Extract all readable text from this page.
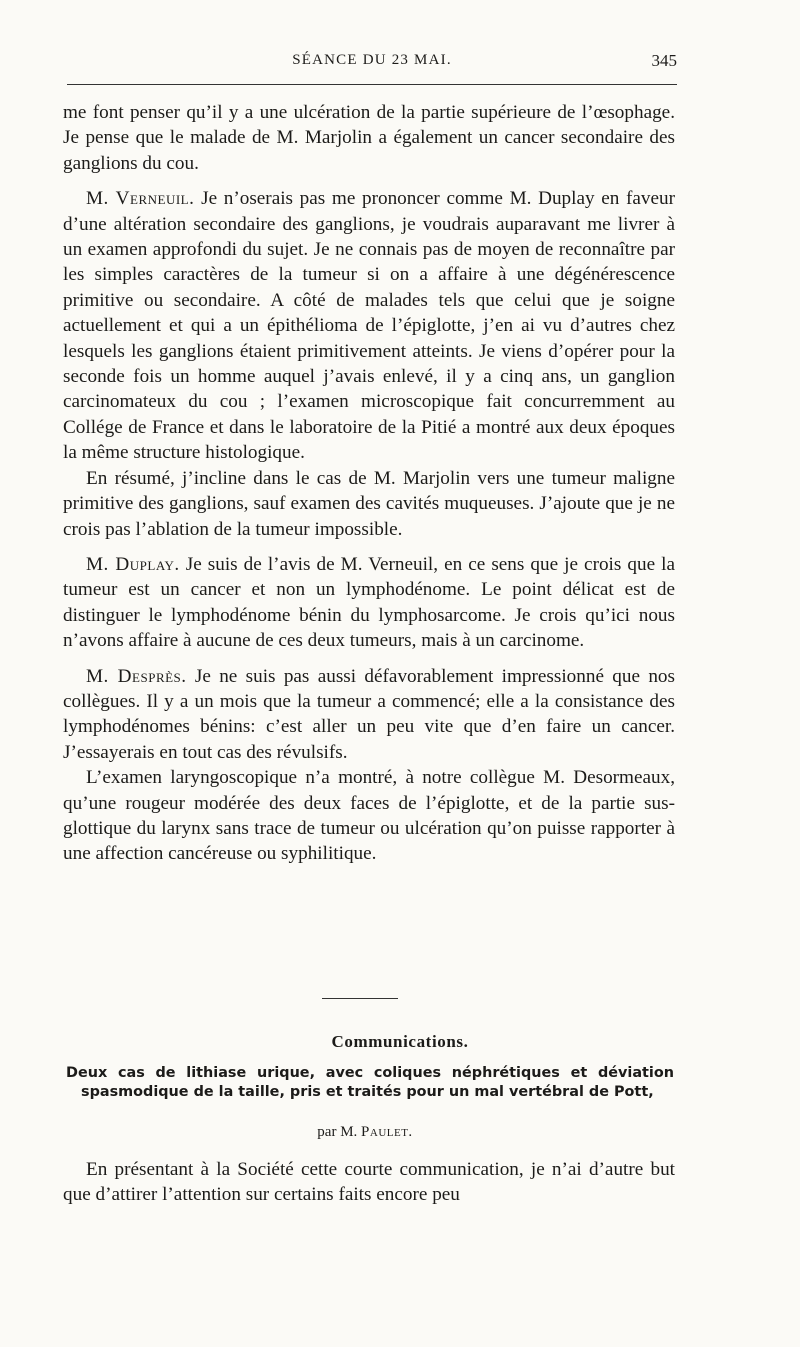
SÉANCE DU 23 MAI.	345

me font penser qu’il y a une ulcération de la partie supérieure de l’œsophage. Je pense que le malade de M. Marjolin a également un cancer secondaire des ganglions du cou.

M. Verneuil. Je n’oserais pas me prononcer comme M. Duplay en faveur d’une altération secondaire des ganglions, je voudrais auparavant me livrer à un examen approfondi du sujet. Je ne connais pas de moyen de reconnaître par les simples caractères de la tumeur si on a affaire à une dégénérescence primitive ou secondaire. A côté de malades tels que celui que je soigne actuellement et qui a un épithélioma de l’épiglotte, j’en ai vu d’autres chez lesquels les ganglions étaient primitivement atteints. Je viens d’opérer pour la seconde fois un homme auquel j’avais enlevé, il y a cinq ans, un ganglion carcinomateux du cou ; l’examen microscopique fait concurremment au Collége de France et dans le laboratoire de la Pitié a montré aux deux époques la même structure histologique.

En résumé, j’incline dans le cas de M. Marjolin vers une tumeur maligne primitive des ganglions, sauf examen des cavités muqueuses. J’ajoute que je ne crois pas l’ablation de la tumeur impossible.

M. Duplay. Je suis de l’avis de M. Verneuil, en ce sens que je crois que la tumeur est un cancer et non un lymphodénome. Le point délicat est de distinguer le lymphodénome bénin du lymphosarcome. Je crois qu’ici nous n’avons affaire à aucune de ces deux tumeurs, mais à un carcinome.

M. Desprès. Je ne suis pas aussi défavorablement impressionné que nos collègues. Il y a un mois que la tumeur a commencé; elle a la consistance des lymphodénomes bénins: c’est aller un peu vite que d’en faire un cancer. J’essayerais en tout cas des révulsifs.

L’examen laryngoscopique n’a montré, à notre collègue M. Desormeaux, qu’une rougeur modérée des deux faces de l’épiglotte, et de la partie sus-glottique du larynx sans trace de tumeur ou ulcération qu’on puisse rapporter à une affection cancéreuse ou syphilitique.

Communications.
Deux cas de lithiase urique, avec coliques néphrétiques et déviation spasmodique de la taille, pris et traités pour un mal vertébral de Pott,
par M. Paulet.

En présentant à la Société cette courte communication, je n’ai d’autre but que d’attirer l’attention sur certains faits encore peu
